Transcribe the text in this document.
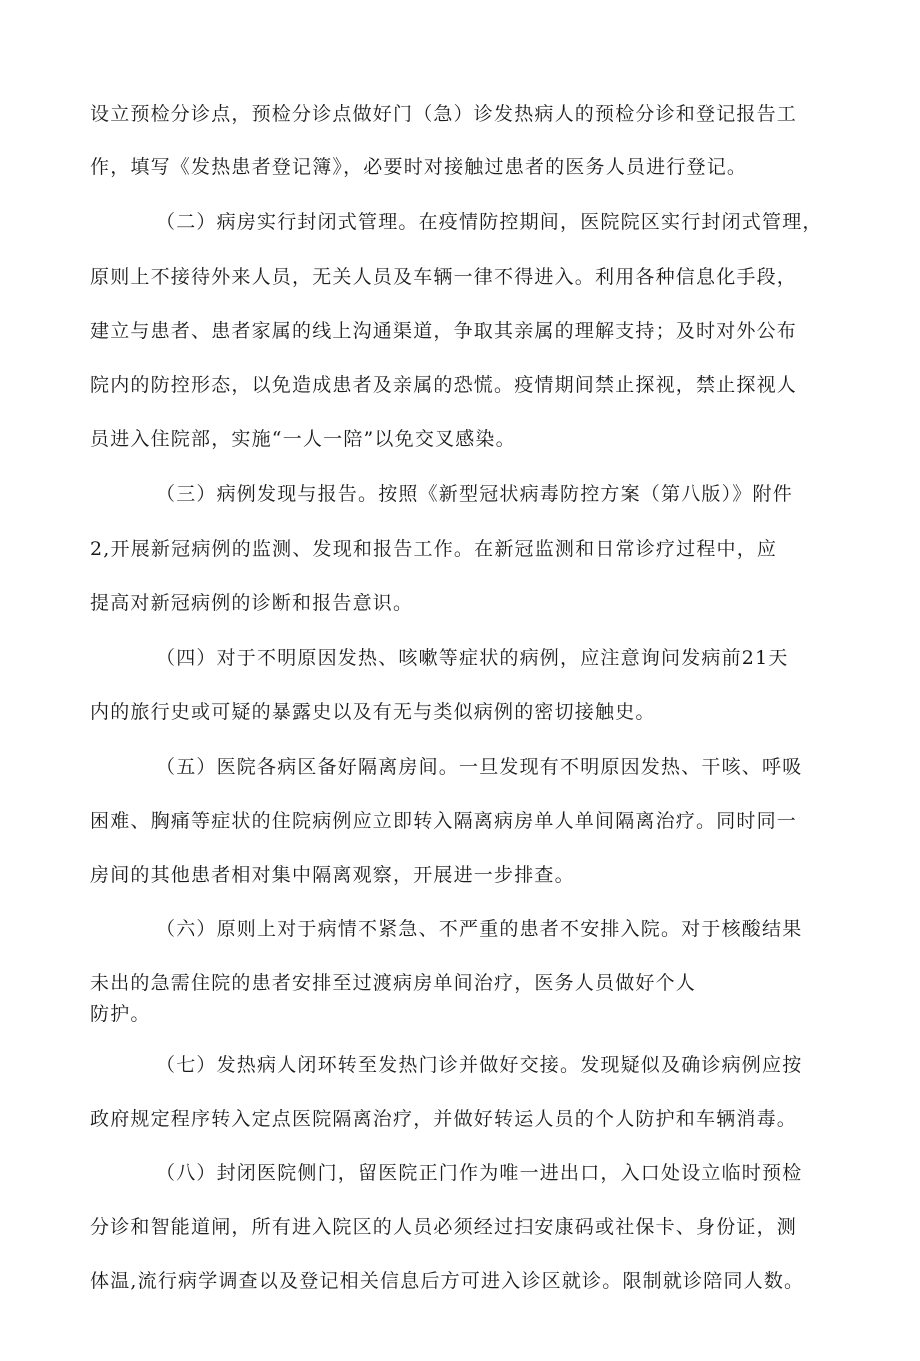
设立预检分诊点，预检分诊点做好门（急）诊发热病人的预检分诊和登记报告工
作，填写《发热患者登记簿》，必要时对接触过患者的医务人员进行登记。
（二）病房实行封闭式管理。在疫情防控期间，医院院区实行封闭式管理，
原则上不接待外来人员，无关人员及车辆一律不得进入。利用各种信息化手段，
建立与患者、患者家属的线上沟通渠道，争取其亲属的理解支持；及时对外公布
院内的防控形态，以免造成患者及亲属的恐慌。疫情期间禁止探视，禁止探视人
员进入住院部，实施“一人一陪”以免交叉感染。
（三）病例发现与报告。按照《新型冠状病毒防控方案（第八版）》附件
2,开展新冠病例的监测、发现和报告工作。在新冠监测和日常诊疗过程中，应
提高对新冠病例的诊断和报告意识。
（四）对于不明原因发热、咳嗽等症状的病例，应注意询问发病前21天
内的旅行史或可疑的暴露史以及有无与类似病例的密切接触史。
（五）医院各病区备好隔离房间。一旦发现有不明原因发热、干咳、呼吸
困难、胸痛等症状的住院病例应立即转入隔离病房单人单间隔离治疗。同时同一
房间的其他患者相对集中隔离观察，开展进一步排查。
（六）原则上对于病情不紧急、不严重的患者不安排入院。对于核酸结果
未出的急需住院的患者安排至过渡病房单间治疗，医务人员做好个人
防护。
（七）发热病人闭环转至发热门诊并做好交接。发现疑似及确诊病例应按
政府规定程序转入定点医院隔离治疗，并做好转运人员的个人防护和车辆消毒。
（八）封闭医院侧门，留医院正门作为唯一进出口，入口处设立临时预检
分诊和智能道闸，所有进入院区的人员必须经过扫安康码或社保卡、身份证，测
体温,流行病学调查以及登记相关信息后方可进入诊区就诊。限制就诊陪同人数。
